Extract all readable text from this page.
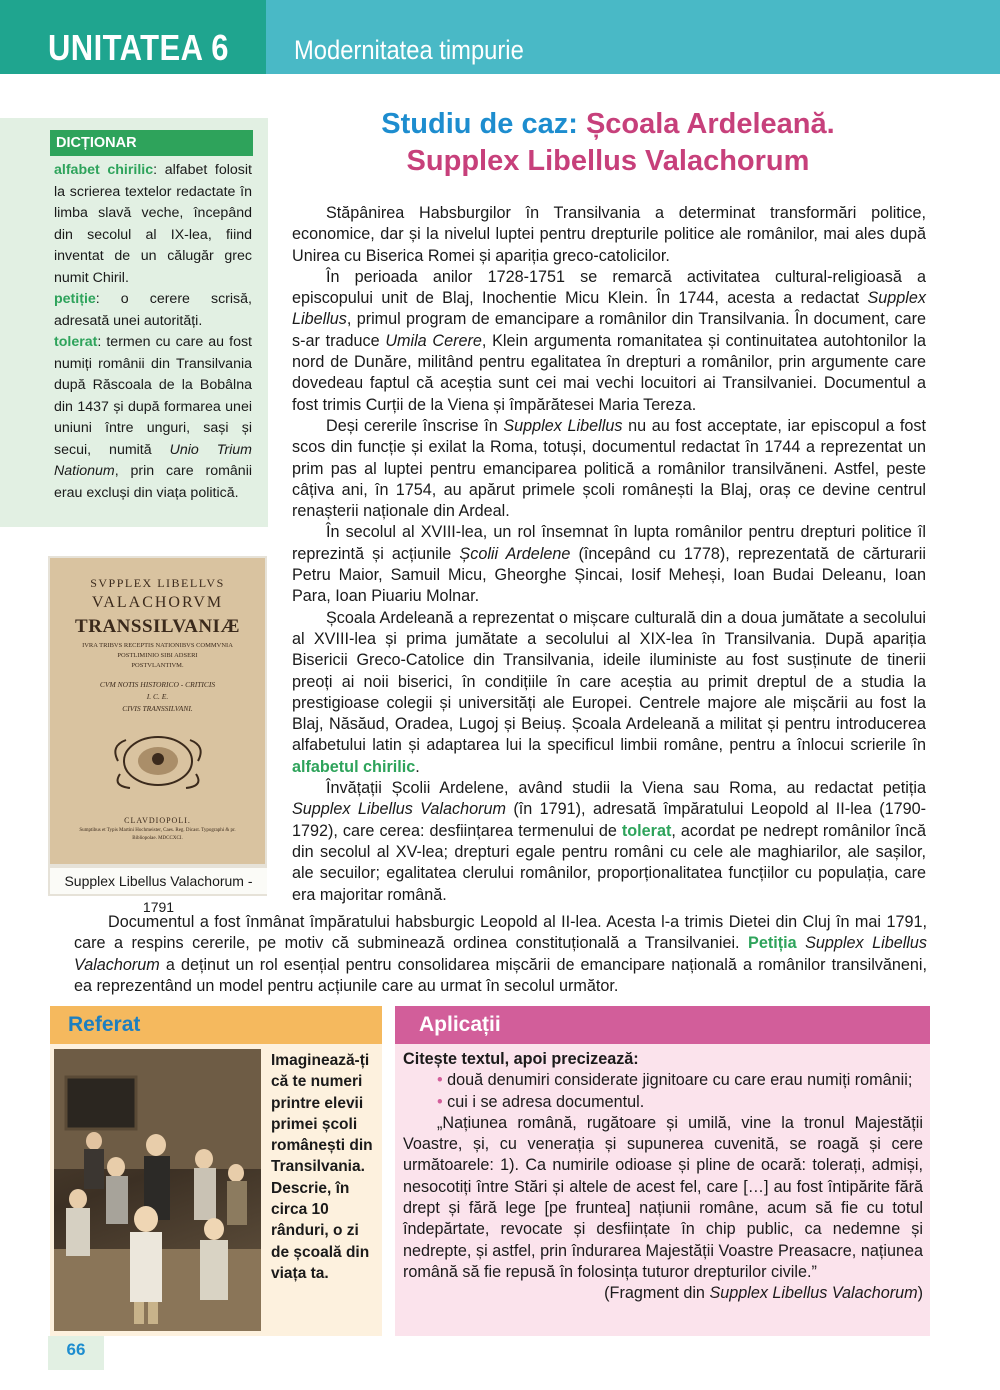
UNITATEA 6 Modernitatea timpurie
DICȚIONAR

alfabet chirilic: alfabet folosit la scrierea textelor redactate în limba slavă veche, începând din secolul al IX-lea, fiind inventat de un călugăr grec numit Chiril.

petiție: o cerere scrisă, adresată unei autorități.

tolerat: termen cu care au fost numiți românii din Transilvania după Răscoala de la Bobâlna din 1437 și după formarea unei uniuni între unguri, sași și secui, numită Unio Trium Nationum, prin care românii erau excluși din viața politică.

SVPPLEX LIBELLVS
VALACHORVM
TRANSSILVANIÆ
IVRA TRIBVS RECEPTIS NATIONIBVS COMMVNIA
POSTLIMINIO SIBI ADSERI
POSTVLANTIVM.
CVM NOTIS HISTORICO - CRITICIS
I. C. E.
CIVIS TRANSSILVANI.
CLAVDIOPOLI.
Sumptibus et Typis Martini Hochmeister, Caes. Reg. Dicast. Typographi & pr.
Bibliopolae. MDCCXCI.
Supplex Libellus Valachorum - 1791
Studiu de caz: Școala Ardeleană.
Supplex Libellus Valachorum

Stăpânirea Habsburgilor în Transilvania a determinat transformări politice, economice, dar și la nivelul luptei pentru drepturile politice ale românilor, mai ales după Unirea cu Biserica Romei și apariția greco-catolicilor.

În perioada anilor 1728-1751 se remarcă activitatea cultural-religioasă a episcopului unit de Blaj, Inochentie Micu Klein. În 1744, acesta a redactat Supplex Libellus, primul program de emancipare a românilor din Transilvania. În document, care s-ar traduce Umila Cerere, Klein argumenta romanitatea și continuitatea autohtonilor la nord de Dunăre, militând pentru egalitatea în drepturi a românilor, prin argumente care dovedeau faptul că aceștia sunt cei mai vechi locuitori ai Transilvaniei. Documentul a fost trimis Curții de la Viena și împărătesei Maria Tereza.

Deși cererile înscrise în Supplex Libellus nu au fost acceptate, iar episcopul a fost scos din funcție și exilat la Roma, totuși, documentul redactat în 1744 a reprezentat un prim pas al luptei pentru emanciparea politică a românilor transilvăneni. Astfel, peste câțiva ani, în 1754, au apărut primele școli românești la Blaj, oraș ce devine centrul renașterii naționale din Ardeal.

În secolul al XVIII-lea, un rol însemnat în lupta românilor pentru drepturi politice îl reprezintă și acțiunile Școlii Ardelene (începând cu 1778), reprezentată de cărturarii Petru Maior, Samuil Micu, Gheorghe Șincai, Iosif Meheși, Ioan Budai Deleanu, Ioan Para, Ioan Piuariu Molnar.

Școala Ardeleană a reprezentat o mișcare culturală din a doua jumătate a secolului al XVIII-lea și prima jumătate a secolului al XIX-lea în Transilvania. După apariția Bisericii Greco-Catolice din Transilvania, ideile iluministe au fost susținute de tinerii preoți ai noii biserici, în condițiile în care aceștia au primit dreptul de a studia la prestigioase colegii și universități ale Europei. Centrele majore ale mișcării au fost la Blaj, Năsăud, Oradea, Lugoj și Beiuș. Școala Ardeleană a militat și pentru introducerea alfabetului latin și adaptarea lui la specificul limbii române, pentru a înlocui scrierile în alfabetul chirilic.

Învățații Școlii Ardelene, având studii la Viena sau Roma, au redactat petiția Supplex Libellus Valachorum (în 1791), adresată împăratului Leopold al II-lea (1790-1792), care cerea: desființarea termenului de tolerat, acordat pe nedrept românilor încă din secolul al XV-lea; drepturi egale pentru români cu cele ale maghiarilor, ale sașilor, ale secuilor; egalitatea clerului românilor, proporționalitatea funcțiilor cu populația, care era majoritar română.

Documentul a fost înmânat împăratului habsburgic Leopold al II-lea. Acesta l-a trimis Dietei din Cluj în mai 1791, care a respins cererile, pe motiv că subminează ordinea constituțională a Transilvaniei. Petiția Supplex Libellus Valachorum a deținut un rol esențial pentru consolidarea mișcării de emancipare națională a românilor transilvăneni, ea reprezentând un model pentru acțiunile care au urmat în secolul următor.

Referat
Imaginează-ți că te numeri printre elevii primei școli românești din Transilvania. Descrie, în circa 10 rânduri, o zi de școală din viața ta.
Aplicații

Citește textul, apoi precizează:

• două denumiri considerate jignitoare cu care erau numiți românii;

• cui i se adresa documentul.

„Națiunea română, rugătoare și umilă, vine la tronul Majestății Voastre, și, cu venerația și supunerea cuvenită, se roagă și cere următoarele: 1). Ca numirile odioase și pline de ocară: tolerați, admiși, nesocotiți între Stări și altele de acest fel, care […] au fost întipărite fără drept și fără lege [pe fruntea] națiunii române, acum să fie cu totul îndepărtate, revocate și desființate în chip public, ca nedemne și nedrepte, și astfel, prin îndurarea Majestății Voastre Preasacre, națiunea română să fie repusă în folosința tuturor drepturilor civile.”

(Fragment din Supplex Libellus Valachorum)

66
